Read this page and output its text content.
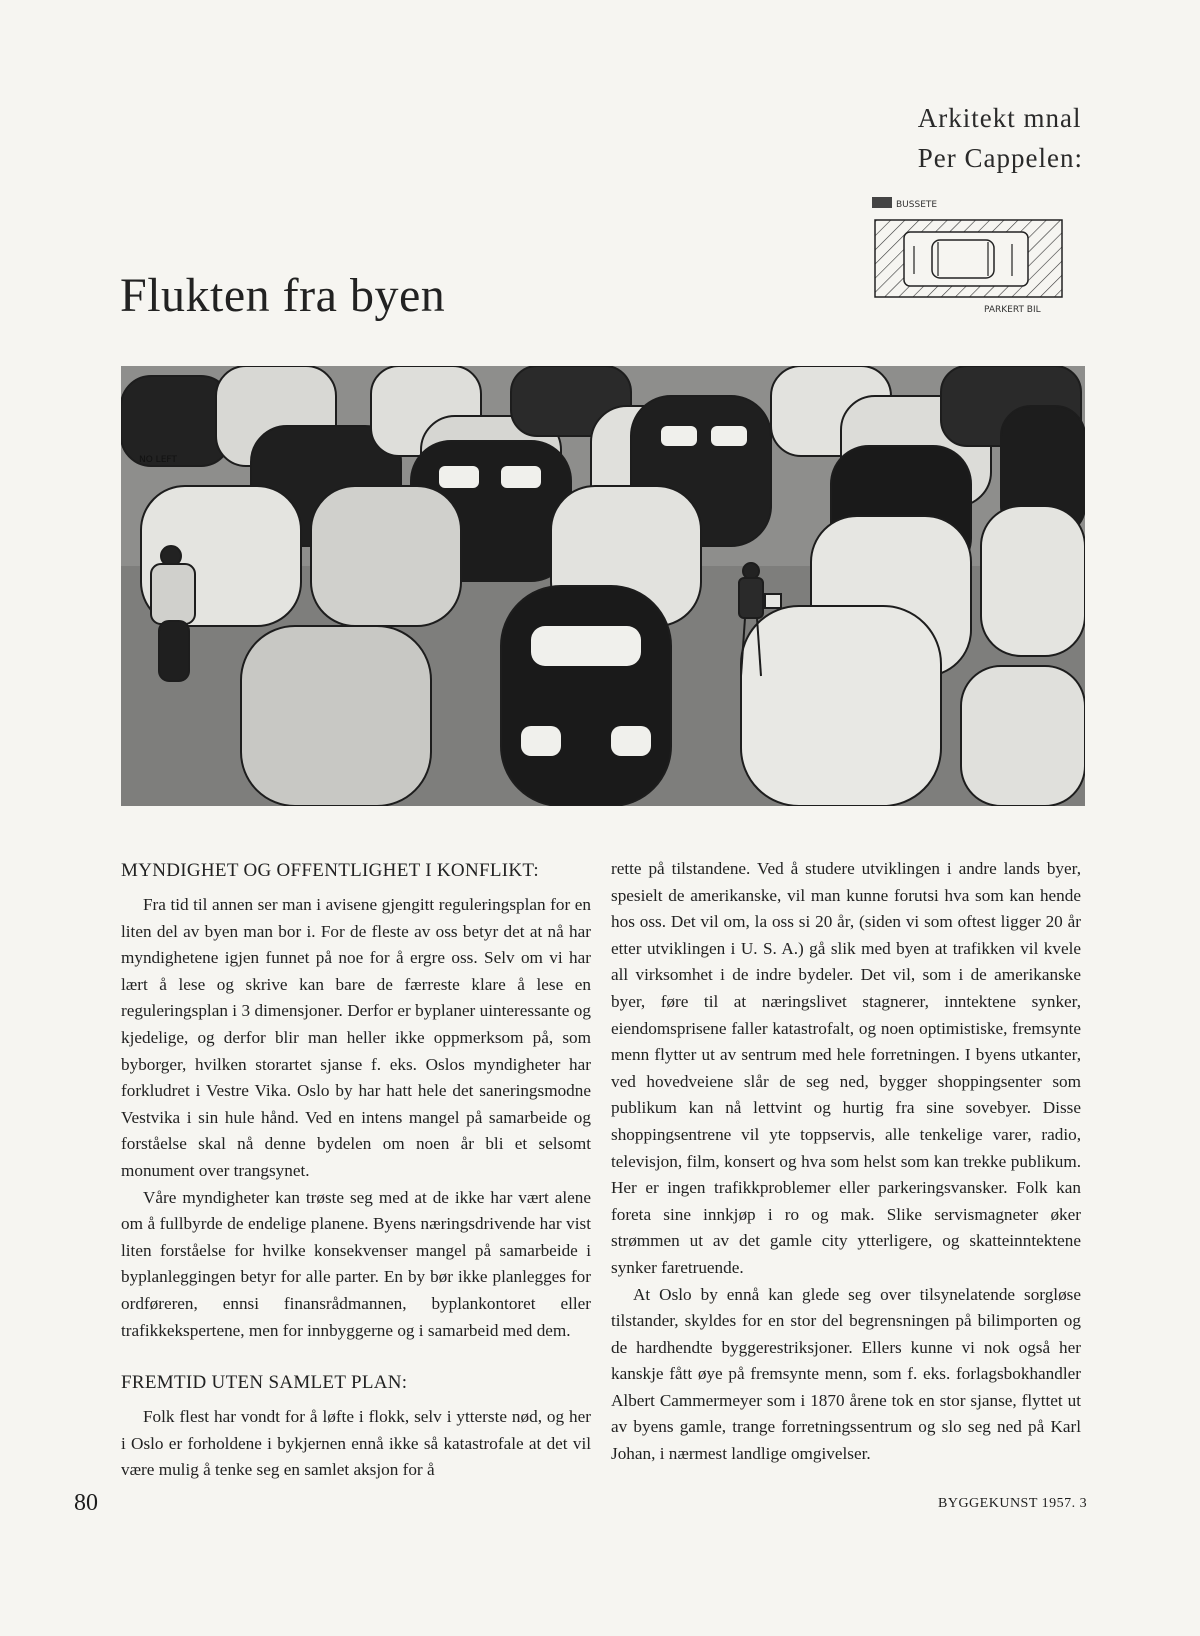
Arkitekt mnal
Per Cappelen:
BUSSETE
PARKERT BIL
Flukten fra byen
NO LEFT
MYNDIGHET OG OFFENTLIGHET I KONFLIKT:

Fra tid til annen ser man i avisene gjengitt reguleringsplan for en liten del av byen man bor i. For de fleste av oss betyr det at nå har myndighetene igjen funnet på noe for å ergre oss. Selv om vi har lært å lese og skrive kan bare de færreste klare å lese en reguleringsplan i 3 dimensjoner. Derfor er byplaner uinteressante og kjedelige, og derfor blir man heller ikke oppmerksom på, som byborger, hvilken storartet sjanse f. eks. Oslos myndigheter har forkludret i Vestre Vika. Oslo by har hatt hele det saneringsmodne Vestvika i sin hule hånd. Ved en intens mangel på samarbeide og forståelse skal nå denne bydelen om noen år bli et selsomt monument over trangsynet.

Våre myndigheter kan trøste seg med at de ikke har vært alene om å fullbyrde de endelige planene. Byens næringsdrivende har vist liten forståelse for hvilke konsekvenser mangel på samarbeide i byplanleggingen betyr for alle parter. En by bør ikke planlegges for ordføreren, ennsi finansrådmannen, byplankontoret eller trafikkekspertene, men for innbyggerne og i samarbeid med dem.

FREMTID UTEN SAMLET PLAN:

Folk flest har vondt for å løfte i flokk, selv i ytterste nød, og her i Oslo er forholdene i bykjernen ennå ikke så katastrofale at det vil være mulig å tenke seg en samlet aksjon for å

rette på tilstandene. Ved å studere utviklingen i andre lands byer, spesielt de amerikanske, vil man kunne forutsi hva som kan hende hos oss. Det vil om, la oss si 20 år, (siden vi som oftest ligger 20 år etter utviklingen i U. S. A.) gå slik med byen at trafikken vil kvele all virksomhet i de indre bydeler. Det vil, som i de amerikanske byer, føre til at næringslivet stagnerer, inntektene synker, eiendomsprisene faller katastrofalt, og noen optimistiske, fremsynte menn flytter ut av sentrum med hele forretningen. I byens utkanter, ved hovedveiene slår de seg ned, bygger shoppingsenter som publikum kan nå lettvint og hurtig fra sine sovebyer. Disse shoppingsentrene vil yte toppservis, alle tenkelige varer, radio, televisjon, film, konsert og hva som helst som kan trekke publikum. Her er ingen trafikkproblemer eller parkeringsvansker. Folk kan foreta sine innkjøp i ro og mak. Slike servismagneter øker strømmen ut av det gamle city ytterligere, og skatteinntektene synker faretruende.

At Oslo by ennå kan glede seg over tilsynelatende sorgløse tilstander, skyldes for en stor del begrensningen på bilimporten og de hardhendte byggerestriksjoner. Ellers kunne vi nok også her kanskje fått øye på fremsynte menn, som f. eks. forlagsbokhandler Albert Cammermeyer som i 1870 årene tok en stor sjanse, flyttet ut av byens gamle, trange forretningssentrum og slo seg ned på Karl Johan, i nærmest landlige omgivelser.

80	BYGGEKUNST 1957. 3
